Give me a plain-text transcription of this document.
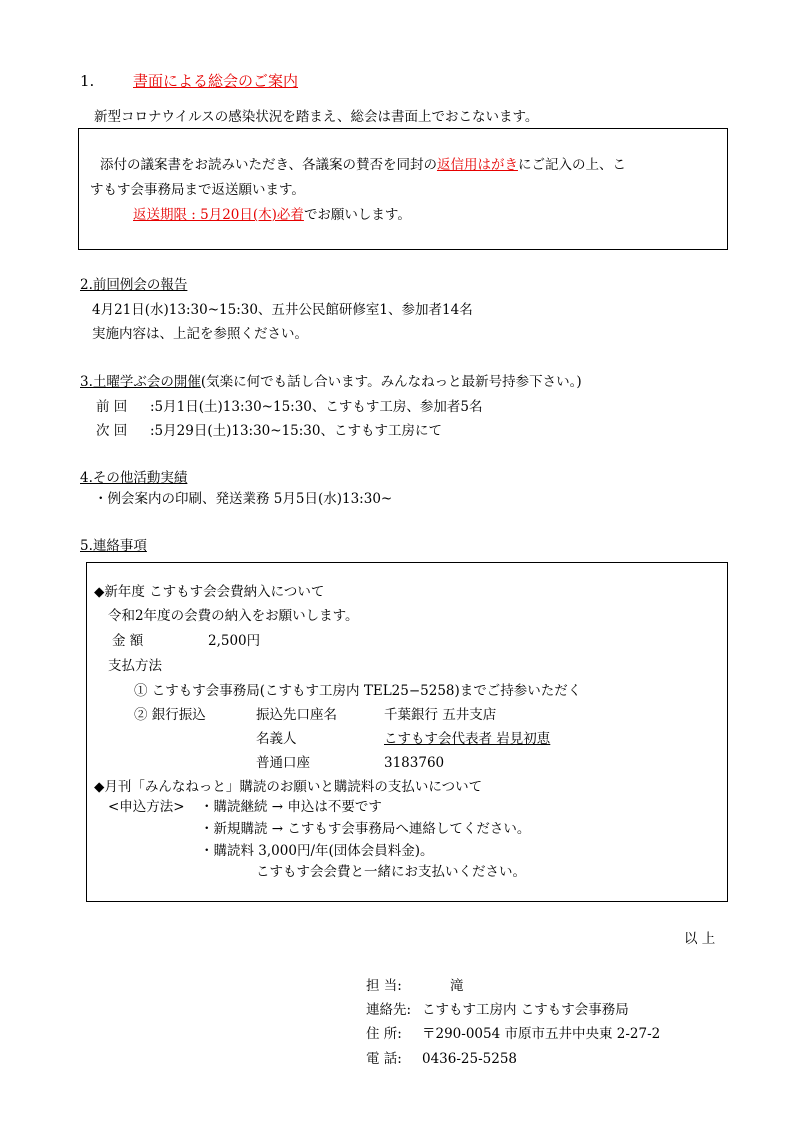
1.	書面による総会のご案内
新型コロナウイルスの感染状況を踏まえ、総会は書面上でおこないます。
添付の議案書をお読みいただき、各議案の賛否を同封の返信用はがきにご記入の上、こ
すもす会事務局まで返送願います。
返送期限 : 5月20日(木)必着でお願いします。
2.前回例会の報告
4月21日(水)13:30~15:30、五井公民館研修室1、参加者14名
実施内容は、上記を参照ください。
3.土曜学ぶ会の開催(気楽に何でも話し合います。みんなねっと最新号持参下さい。)
前 回 :5月1日(土)13:30~15:30、こすもす工房、参加者5名
次 回 :5月29日(土)13:30~15:30、こすもす工房にて
4.その他活動実績
・例会案内の印刷、発送業務 5月5日(水)13:30~
5.連絡事項
◆新年度 こすもす会会費納入について
令和2年度の会費の納入をお願いします。
金 額	2,500円
支払方法
① こすもす会事務局(こすもす工房内 TEL25−5258)までご持参いただく
② 銀行振込	振込先口座名	千葉銀行 五井支店
名義人	こすもす会代表者 岩見初恵
普通口座	3183760
◆月刊「みんなねっと」購読のお願いと購読料の支払いについて
<申込方法> ・購読継続 → 申込は不要です
・新規購読 → こすもす会事務局へ連絡してください。
・購読料 3,000円/年(団体会員料金)。
こすもす会会費と一緒にお支払いください。
以 上
担 当:	滝
連絡先: こすもす工房内 こすもす会事務局
住 所: 〒290-0054 市原市五井中央東 2-27-2
電 話: 0436-25-5258
